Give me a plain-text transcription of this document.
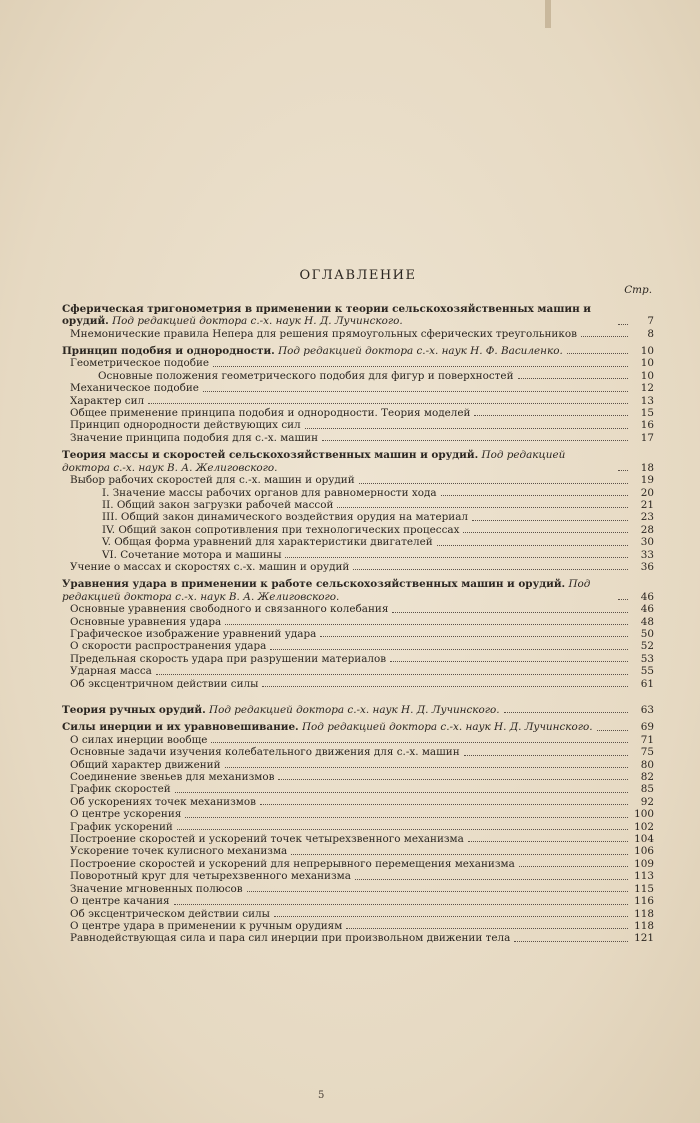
ОГЛАВЛЕНИЕ
Стр.
Сферическая тригонометрия в применении к теории сельскохозяйственных машин и орудий. Под редакцией доктора с.-х. наук Н. Д. Лучинского.	7
Мнемонические правила Непера для решения прямоугольных сферических треугольников	8
Принцип подобия и однородности. Под редакцией доктора с.-х. наук Н. Ф. Василенко.	10
Геометрическое подобие	10
Основные положения геометрического подобия для фигур и поверхностей	10
Механическое подобие	12
Характер сил	13
Общее применение принципа подобия и однородности. Теория моделей	15
Принцип однородности действующих сил	16
Значение принципа подобия для с.-х. машин	17
Теория массы и скоростей сельскохозяйственных машин и орудий. Под редакцией доктора с.-х. наук В. А. Желиговского.	18
Выбор рабочих скоростей для с.-х. машин и орудий	19
I. Значение массы рабочих органов для равномерности хода	20
II. Общий закон загрузки рабочей массой	21
III. Общий закон динамического воздействия орудия на материал	23
IV. Общий закон сопротивления при технологических процессах	28
V. Общая форма уравнений для характеристики двигателей	30
VI. Сочетание мотора и машины	33
Учение о массах и скоростях с.-х. машин и орудий	36
Уравнения удара в применении к работе сельскохозяйственных машин и орудий. Под редакцией доктора с.-х. наук В. А. Желиговского.	46
Основные уравнения свободного и связанного колебания	46
Основные уравнения удара	48
Графическое изображение уравнений удара	50
О скорости распространения удара	52
Предельная скорость удара при разрушении материалов	53
Ударная масса	55
Об эксцентричном действии силы	61
Теория ручных орудий. Под редакцией доктора с.-х. наук Н. Д. Лучинского.	63
Силы инерции и их уравновешивание. Под редакцией доктора с.-х. наук Н. Д. Лучинского.	69
О силах инерции вообще	71
Основные задачи изучения колебательного движения для с.-х. машин	75
Общий характер движений	80
Соединение звеньев для механизмов	82
График скоростей	85
Об ускорениях точек механизмов	92
О центре ускорения	100
График ускорений	102
Построение скоростей и ускорений точек четырехзвенного механизма	104
Ускорение точек кулисного механизма	106
Построение скоростей и ускорений для непрерывного перемещения механизма	109
Поворотный круг для четырехзвенного механизма	113
Значение мгновенных полюсов	115
О центре качания	116
Об эксцентрическом действии силы	118
О центре удара в применении к ручным орудиям	118
Равнодействующая сила и пара сил инерции при произвольном движении тела	121
5
